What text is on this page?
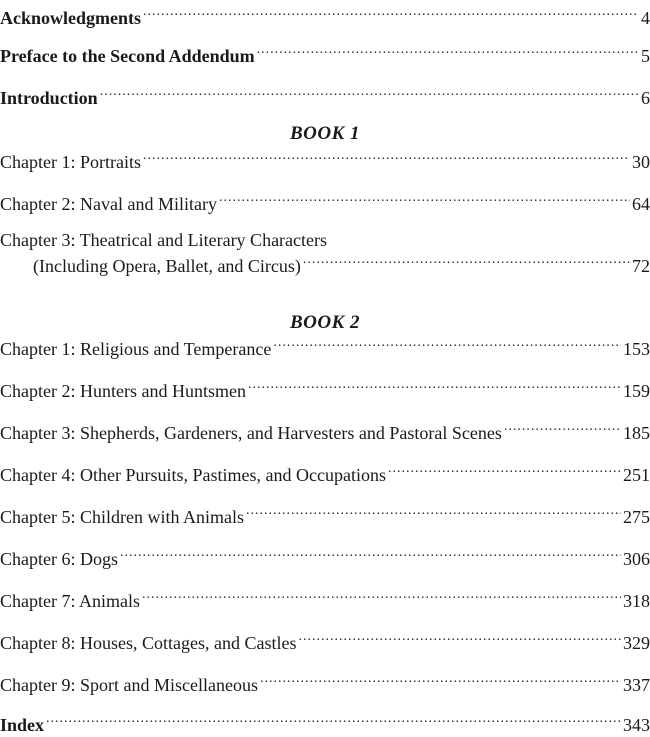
Acknowledgments .....	4
Preface to the Second Addendum .....	5
Introduction .....	6
BOOK 1
Chapter 1: Portraits .....	30
Chapter 2: Naval and Military .....	64
Chapter 3: Theatrical and Literary Characters
(Including Opera, Ballet, and Circus) .....	72
BOOK 2
Chapter 1: Religious and Temperance .....	153
Chapter 2: Hunters and Huntsmen .....	159
Chapter 3: Shepherds, Gardeners, and Harvesters and Pastoral Scenes .....	185
Chapter 4: Other Pursuits, Pastimes, and Occupations .....	251
Chapter 5: Children with Animals .....	275
Chapter 6: Dogs .....	306
Chapter 7: Animals .....	318
Chapter 8: Houses, Cottages, and Castles .....	329
Chapter 9: Sport and Miscellaneous .....	337
Index .....	343
